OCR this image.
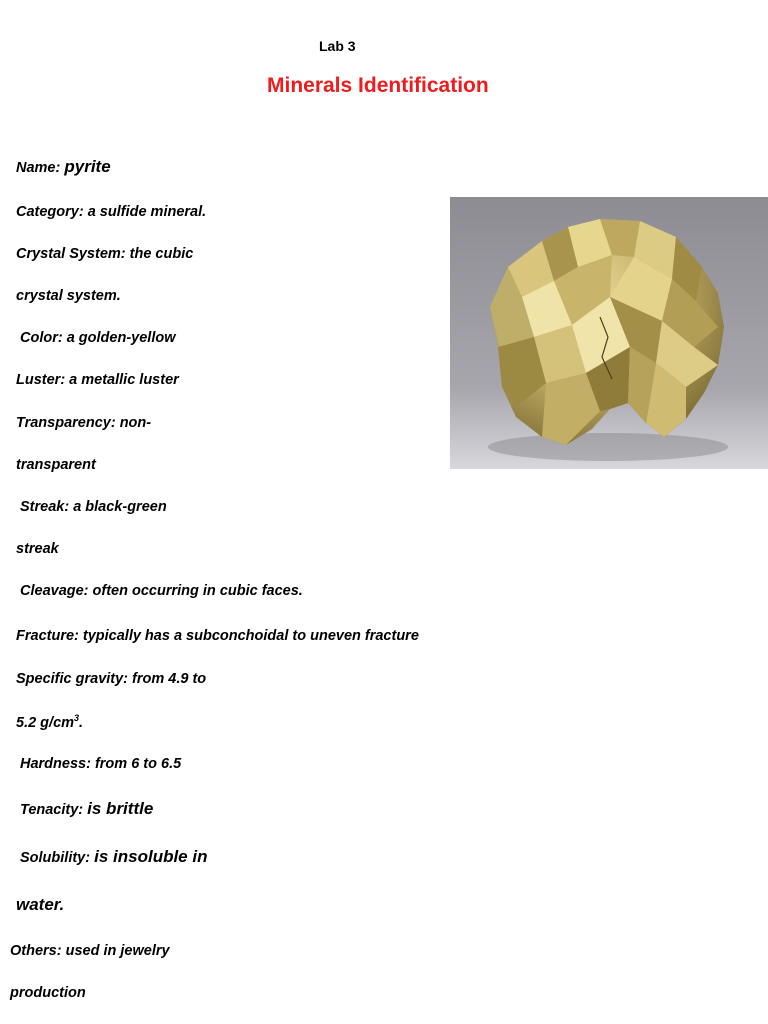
Lab 3
Minerals Identification
Name: pyrite
Category: a sulfide mineral.
Crystal System: the cubic
crystal system.
Color: a golden-yellow
Luster: a metallic luster
Transparency: non-
transparent
Streak: a black-green
streak
Cleavage: often occurring in cubic faces.
Fracture: typically has a subconchoidal to uneven fracture
Specific gravity: from 4.9 to
5.2 $g/cm^3$.
Hardness: from 6 to 6.5
Tenacity: is brittle
Solubility: is insoluble in
water.
Others: used in jewelry
production
